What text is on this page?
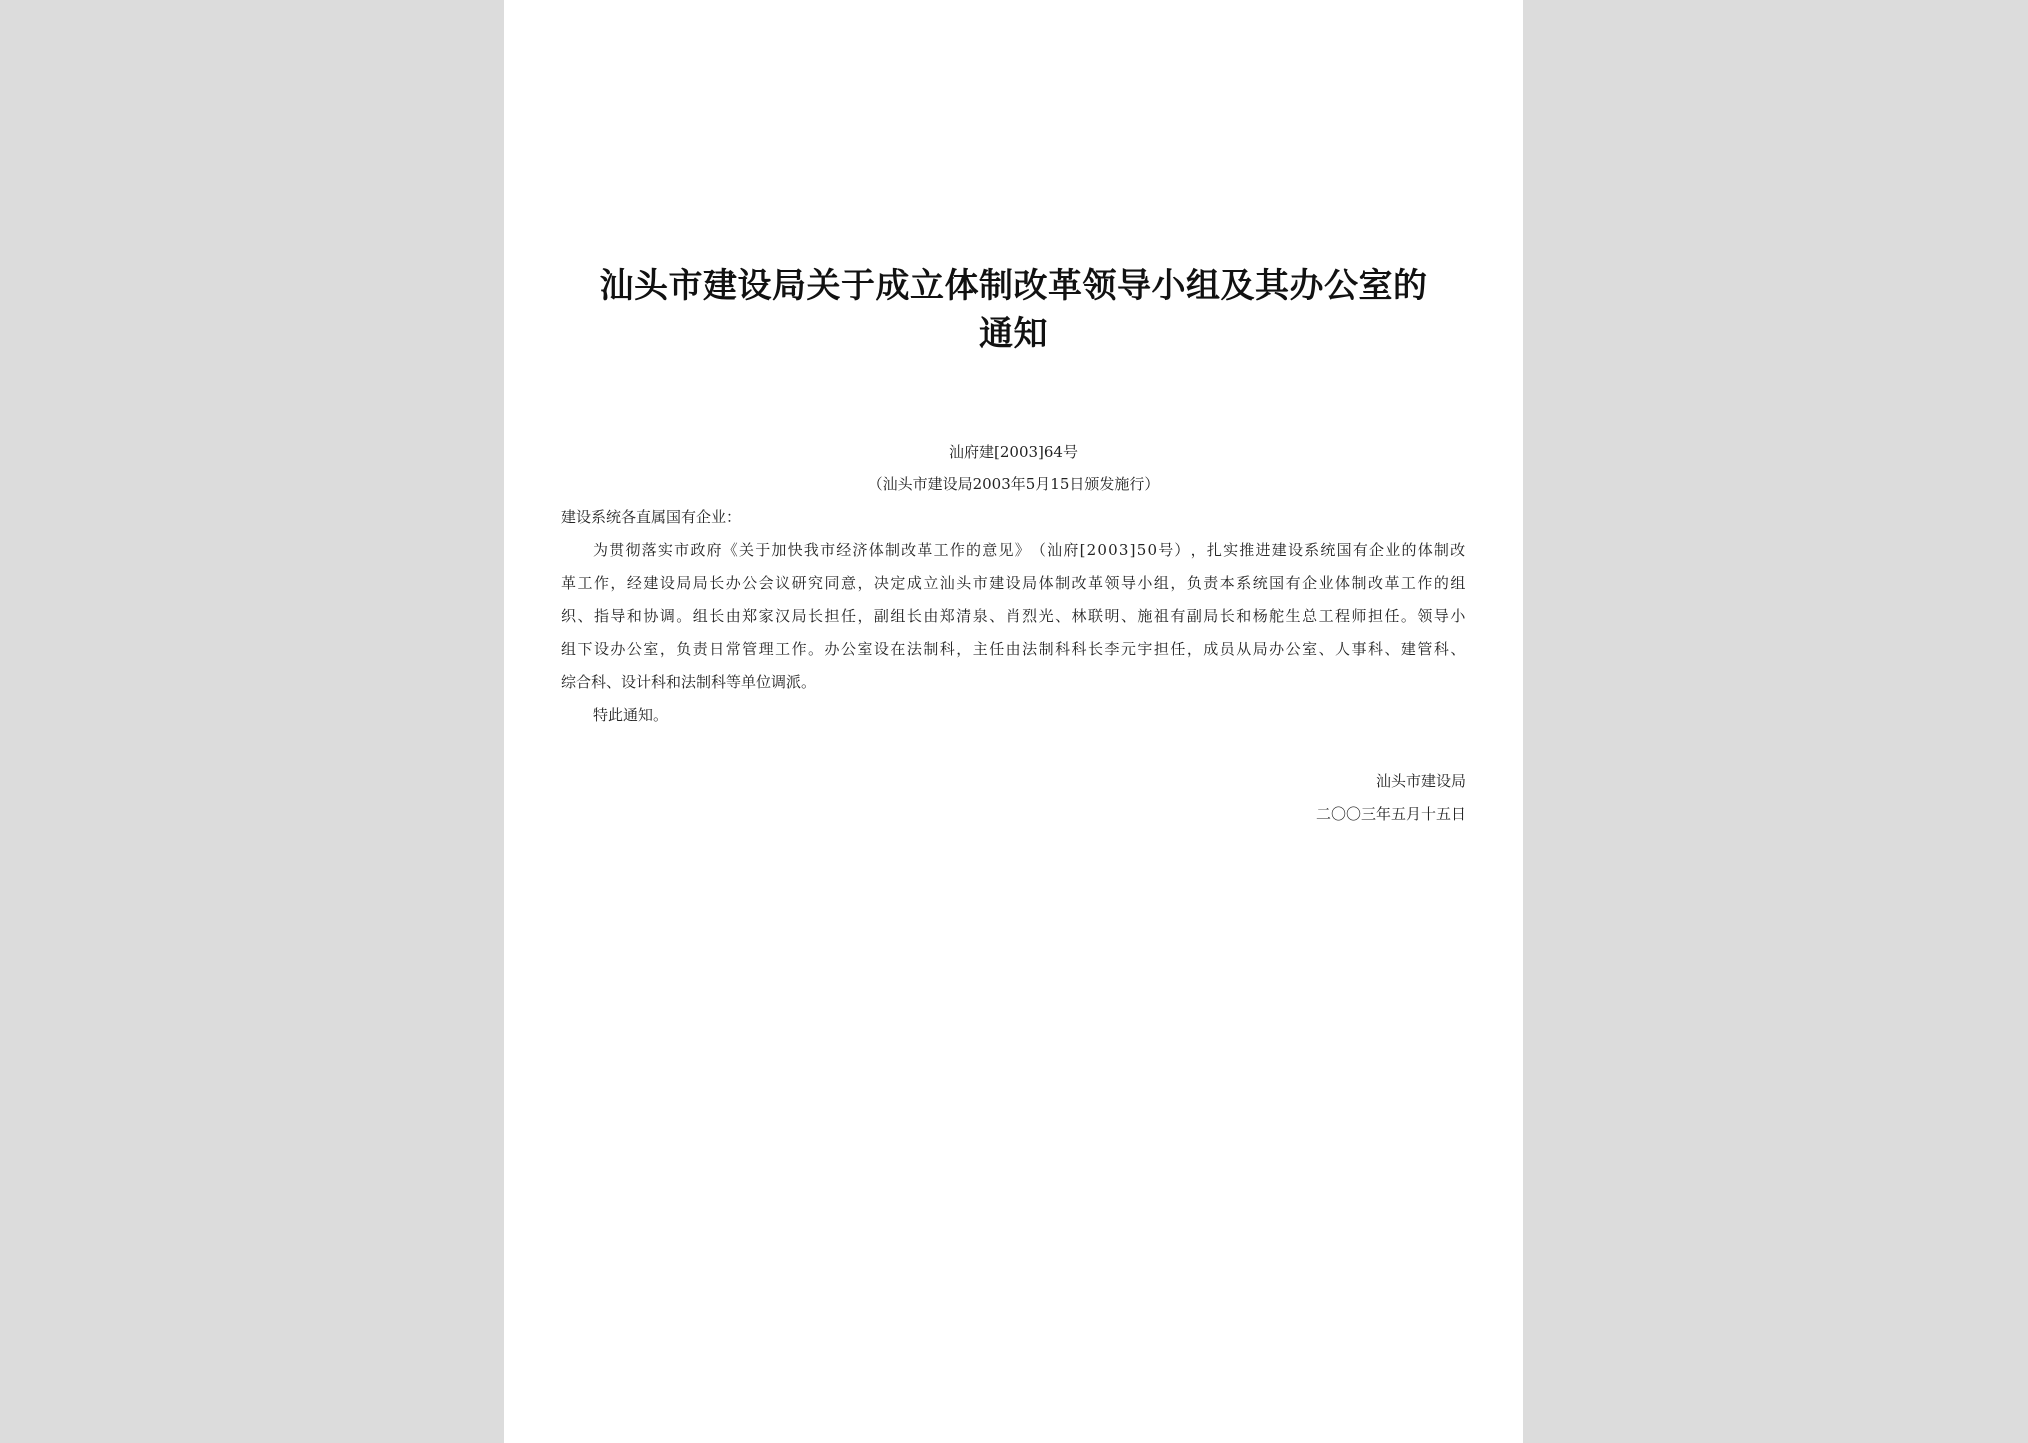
汕头市建设局关于成立体制改革领导小组及其办公室的
通知
汕府建[2003]64号
（汕头市建设局2003年5月15日颁发施行）
建设系统各直属国有企业：
为 贯 彻 落 实 市 政 府 《 关 于 加 快 我 市 经 济 体 制 改 革 工 作 的 意 见 》 （ 汕 府 [ 2 0 0 3 ] 5 0 号 ） ， 扎 实 推 进 建 设 系 统 国 有 企 业 的 体 制 改
革 工 作 ， 经 建 设 局 局 长 办 公 会 议 研 究 同 意 ， 决 定 成 立 汕 头 市 建 设 局 体 制 改 革 领 导 小 组 ， 负 责 本 系 统 国 有 企 业 体 制 改 革 工 作 的 组
织 、 指 导 和 协 调 。 组 长 由 郑 家 汉 局 长 担 任 ， 副 组 长 由 郑 清 泉 、 肖 烈 光 、 林 联 明 、 施 祖 有 副 局 长 和 杨 舵 生 总 工 程 师 担 任 。 领 导 小
组 下 设 办 公 室 ， 负 责 日 常 管 理 工 作 。 办 公 室 设 在 法 制 科 ， 主 任 由 法 制 科 科 长 李 元 宇 担 任 ， 成 员 从 局 办 公 室 、 人 事 科 、 建 管 科 、
综合科、设计科和法制科等单位调派。
特此通知。
汕头市建设局
二〇〇三年五月十五日
